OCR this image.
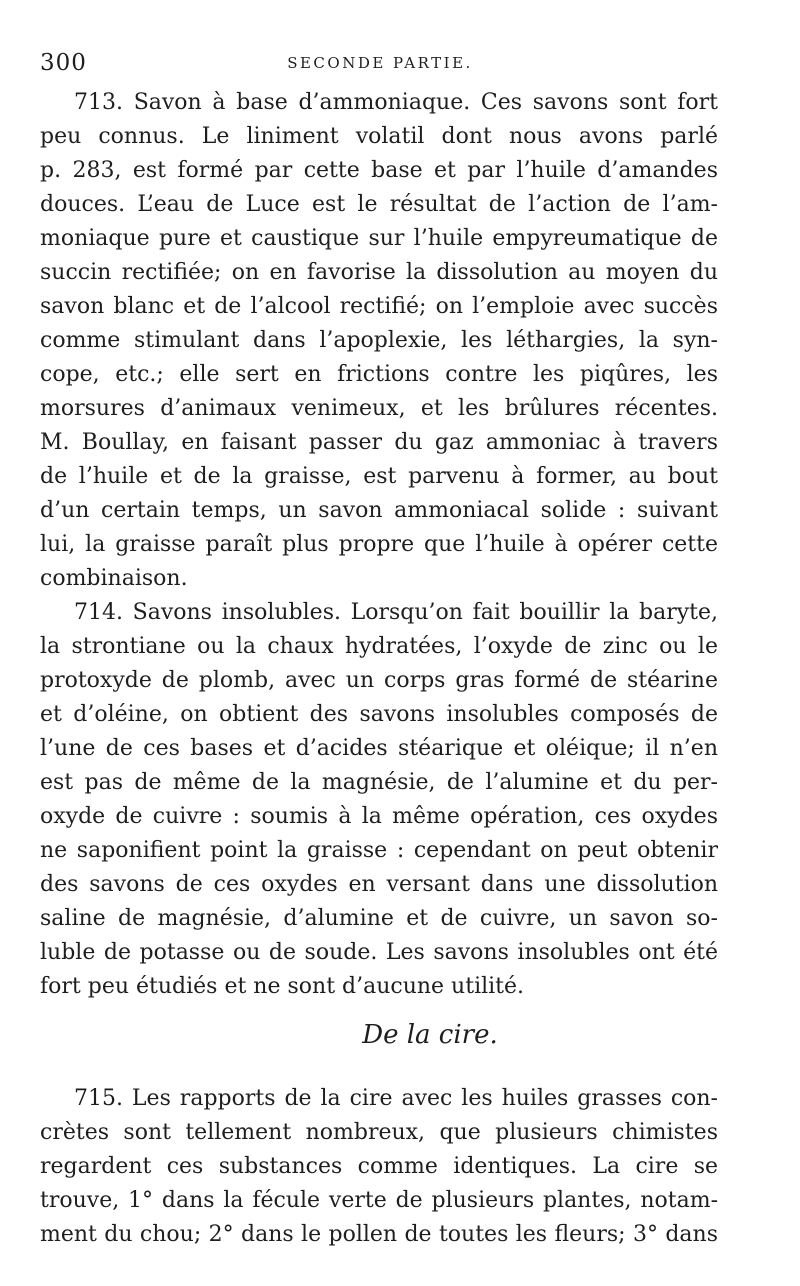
300	SECONDE PARTIE.
713. Savon à base d’ammoniaque. Ces savons sont fort
peu connus. Le liniment volatil dont nous avons parlé
p. 283, est formé par cette base et par l’huile d’amandes
douces. L’eau de Luce est le résultat de l’action de l’am-
moniaque pure et caustique sur l’huile empyreumatique de
succin rectifiée; on en favorise la dissolution au moyen du
savon blanc et de l’alcool rectifié; on l’emploie avec succès
comme stimulant dans l’apoplexie, les léthargies, la syn-
cope, etc.; elle sert en frictions contre les piqûres, les
morsures d’animaux venimeux, et les brûlures récentes.
M. Boullay, en faisant passer du gaz ammoniac à travers
de l’huile et de la graisse, est parvenu à former, au bout
d’un certain temps, un savon ammoniacal solide : suivant
lui, la graisse paraît plus propre que l’huile à opérer cette
combinaison.
714. Savons insolubles. Lorsqu’on fait bouillir la baryte,
la strontiane ou la chaux hydratées, l’oxyde de zinc ou le
protoxyde de plomb, avec un corps gras formé de stéarine
et d’oléine, on obtient des savons insolubles composés de
l’une de ces bases et d’acides stéarique et oléique; il n’en
est pas de même de la magnésie, de l’alumine et du per-
oxyde de cuivre : soumis à la même opération, ces oxydes
ne saponifient point la graisse : cependant on peut obtenir
des savons de ces oxydes en versant dans une dissolution
saline de magnésie, d’alumine et de cuivre, un savon so-
luble de potasse ou de soude. Les savons insolubles ont été
fort peu étudiés et ne sont d’aucune utilité.
De la cire.
715. Les rapports de la cire avec les huiles grasses con-
crètes sont tellement nombreux, que plusieurs chimistes
regardent ces substances comme identiques. La cire se
trouve, 1° dans la fécule verte de plusieurs plantes, notam-
ment du chou; 2° dans le pollen de toutes les fleurs; 3° dans
